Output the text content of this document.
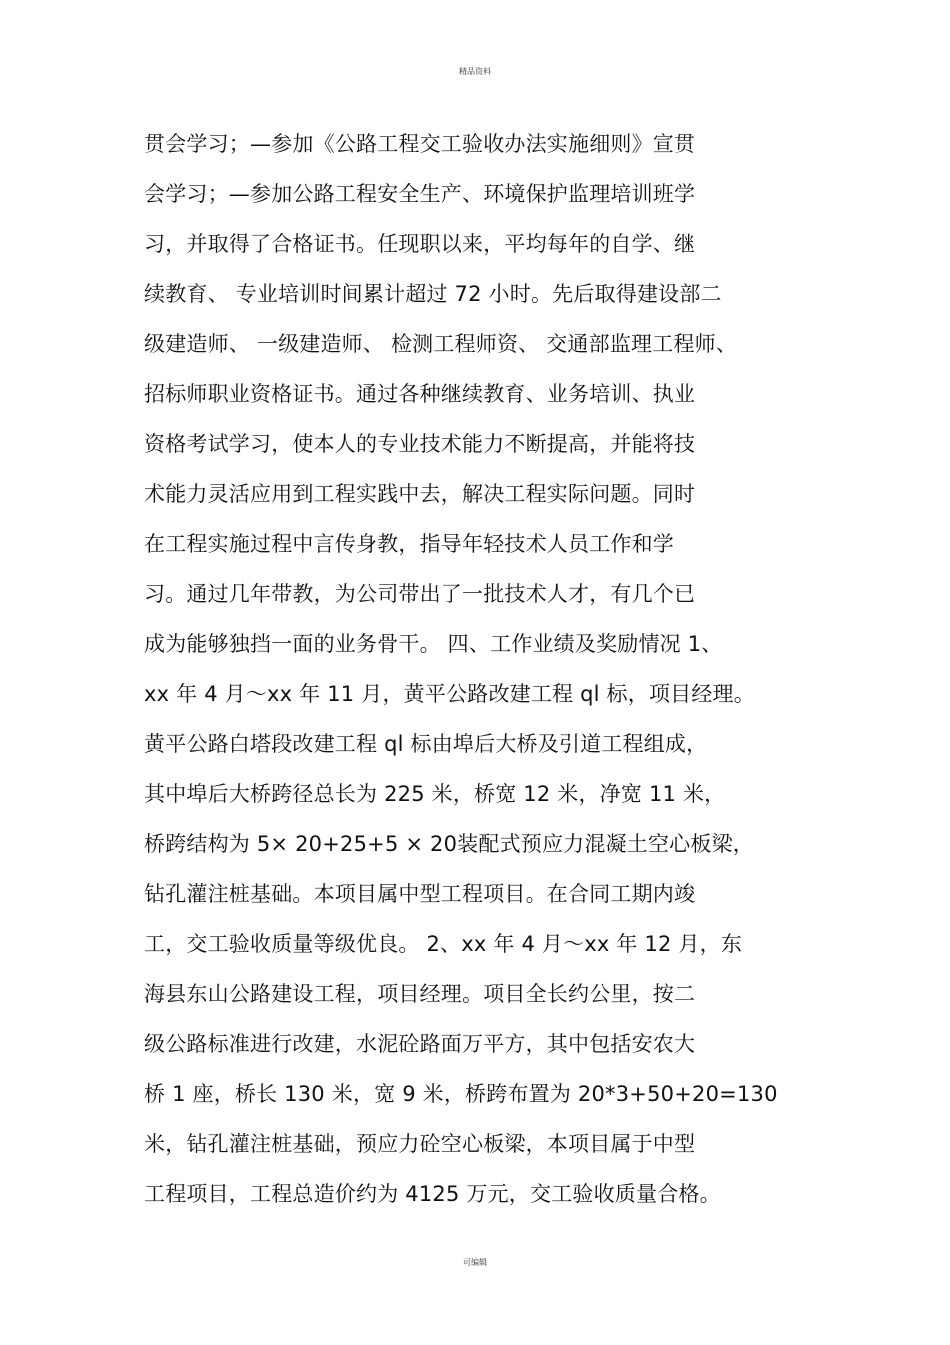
精品资料
贯会学习；—参加《公路工程交工验收办法实施细则》宣贯
会学习；—参加公路工程安全生产、环境保护监理培训班学
习，并取得了合格证书。任现职以来，平均每年的自学、继
续教育、 专业培训时间累计超过 72 小时。先后取得建设部二
级建造师、 一级建造师、 检测工程师资、 交通部监理工程师、
招标师职业资格证书。通过各种继续教育、业务培训、执业
资格考试学习，使本人的专业技术能力不断提高，并能将技
术能力灵活应用到工程实践中去，解决工程实际问题。同时
在工程实施过程中言传身教，指导年轻技术人员工作和学
习。通过几年带教，为公司带出了一批技术人才，有几个已
成为能够独挡一面的业务骨干。 四、工作业绩及奖励情况 1、
xx 年 4 月～xx 年 11 月，黄平公路改建工程 ql 标，项目经理。
黄平公路白塔段改建工程 ql 标由埠后大桥及引道工程组成，
其中埠后大桥跨径总长为 225 米，桥宽 12 米，净宽 11 米，
桥跨结构为 5× 20+25+5 × 20装配式预应力混凝土空心板梁，
钻孔灌注桩基础。本项目属中型工程项目。在合同工期内竣
工，交工验收质量等级优良。 2、xx 年 4 月～xx 年 12 月，东
海县东山公路建设工程，项目经理。项目全长约公里，按二
级公路标准进行改建，水泥砼路面万平方，其中包括安农大
桥 1 座，桥长 130 米，宽 9 米，桥跨布置为 20*3+50+20=130
米，钻孔灌注桩基础，预应力砼空心板梁，本项目属于中型
工程项目，工程总造价约为 4125 万元，交工验收质量合格。
可编辑
